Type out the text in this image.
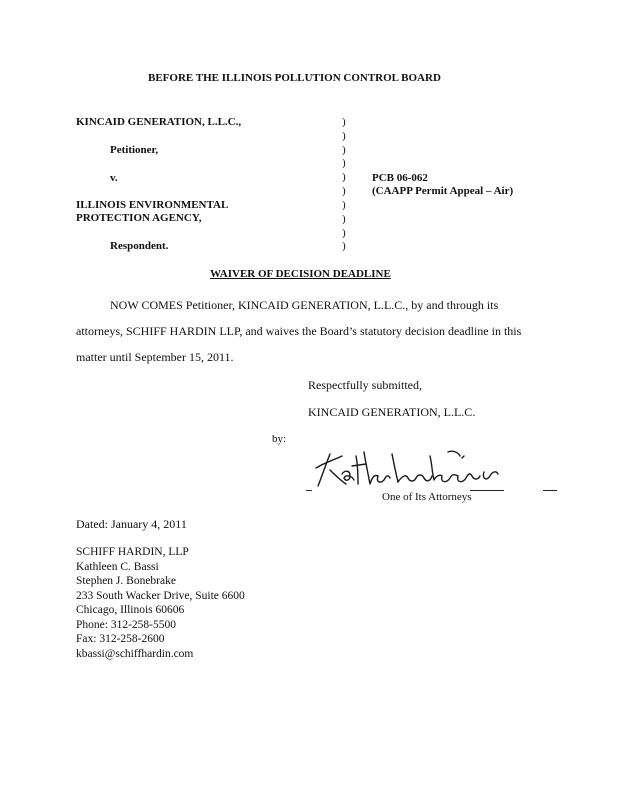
BEFORE THE ILLINOIS POLLUTION CONTROL BOARD
KINCAID GENERATION, L.L.C.,
Petitioner,
v.
ILLINOIS ENVIRONMENTAL
PROTECTION AGENCY,
Respondent.
)
)
)
)
)
)
)
)
)
)
PCB 06-062
(CAAPP Permit Appeal – Air)
WAIVER OF DECISION DEADLINE
NOW COMES Petitioner, KINCAID GENERATION, L.L.C., by and through its
attorneys, SCHIFF HARDIN LLP, and waives the Board’s statutory decision deadline in this
matter until September 15, 2011.
Respectfully submitted,
KINCAID GENERATION, L.L.C.
by:
One of Its Attorneys
Dated: January 4, 2011
SCHIFF HARDIN, LLP
Kathleen C. Bassi
Stephen J. Bonebrake
233 South Wacker Drive, Suite 6600
Chicago, Illinois 60606
Phone: 312-258-5500
Fax: 312-258-2600
kbassi@schiffhardin.com
